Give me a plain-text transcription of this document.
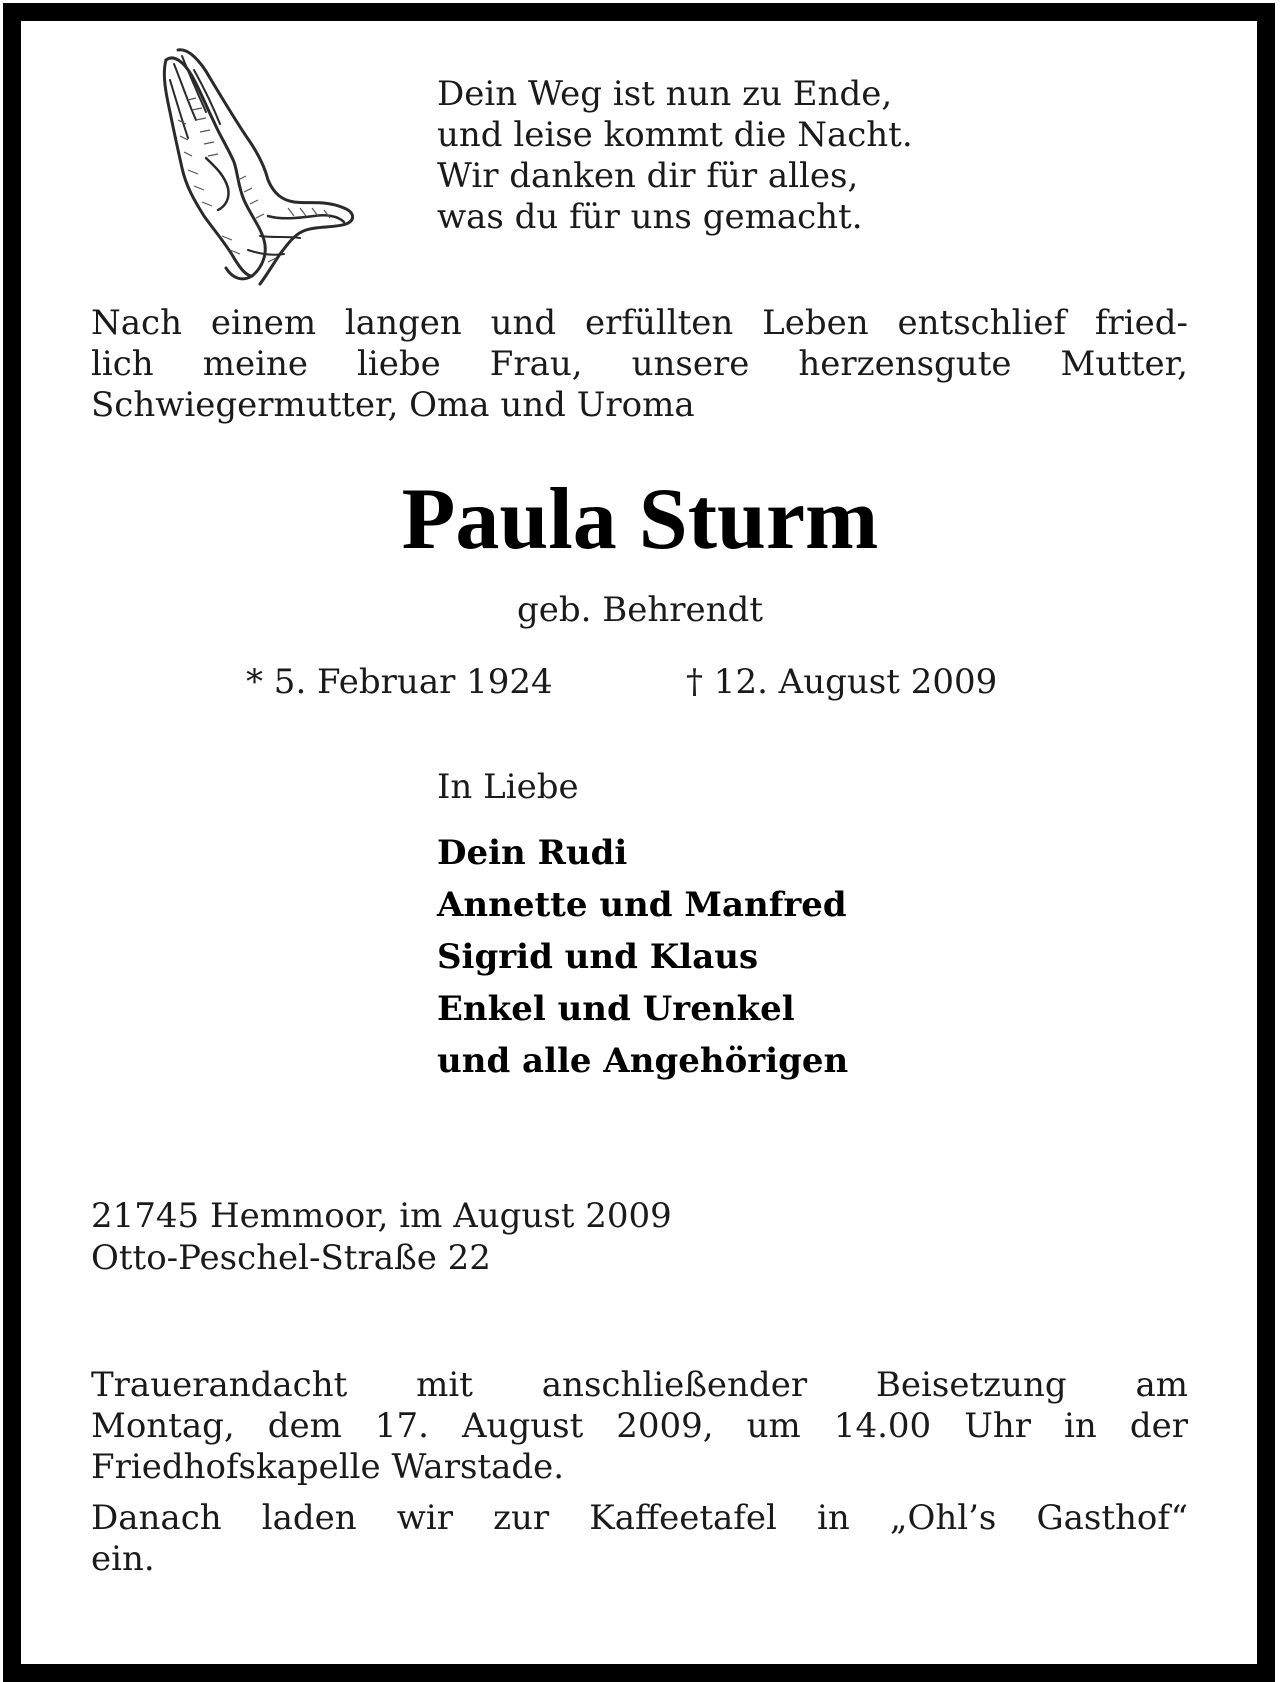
Dein Weg ist nun zu Ende,
und leise kommt die Nacht.
Wir danken dir für alles,
was du für uns gemacht.
Nach einem langen und erfüllten Leben entschlief fried-
lich meine liebe Frau, unsere herzensgute Mutter,
Schwiegermutter, Oma und Uroma
Paula Sturm
geb. Behrendt
* 5. Februar 1924	† 12. August 2009
In Liebe
Dein Rudi
Annette und Manfred
Sigrid und Klaus
Enkel und Urenkel
und alle Angehörigen
21745 Hemmoor, im August 2009
Otto-Peschel-Straße 22
Trauerandacht mit anschließender Beisetzung am
Montag, dem 17. August 2009, um 14.00 Uhr in der
Friedhofskapelle Warstade.
Danach laden wir zur Kaffeetafel in „Ohl’s Gasthof“
ein.
